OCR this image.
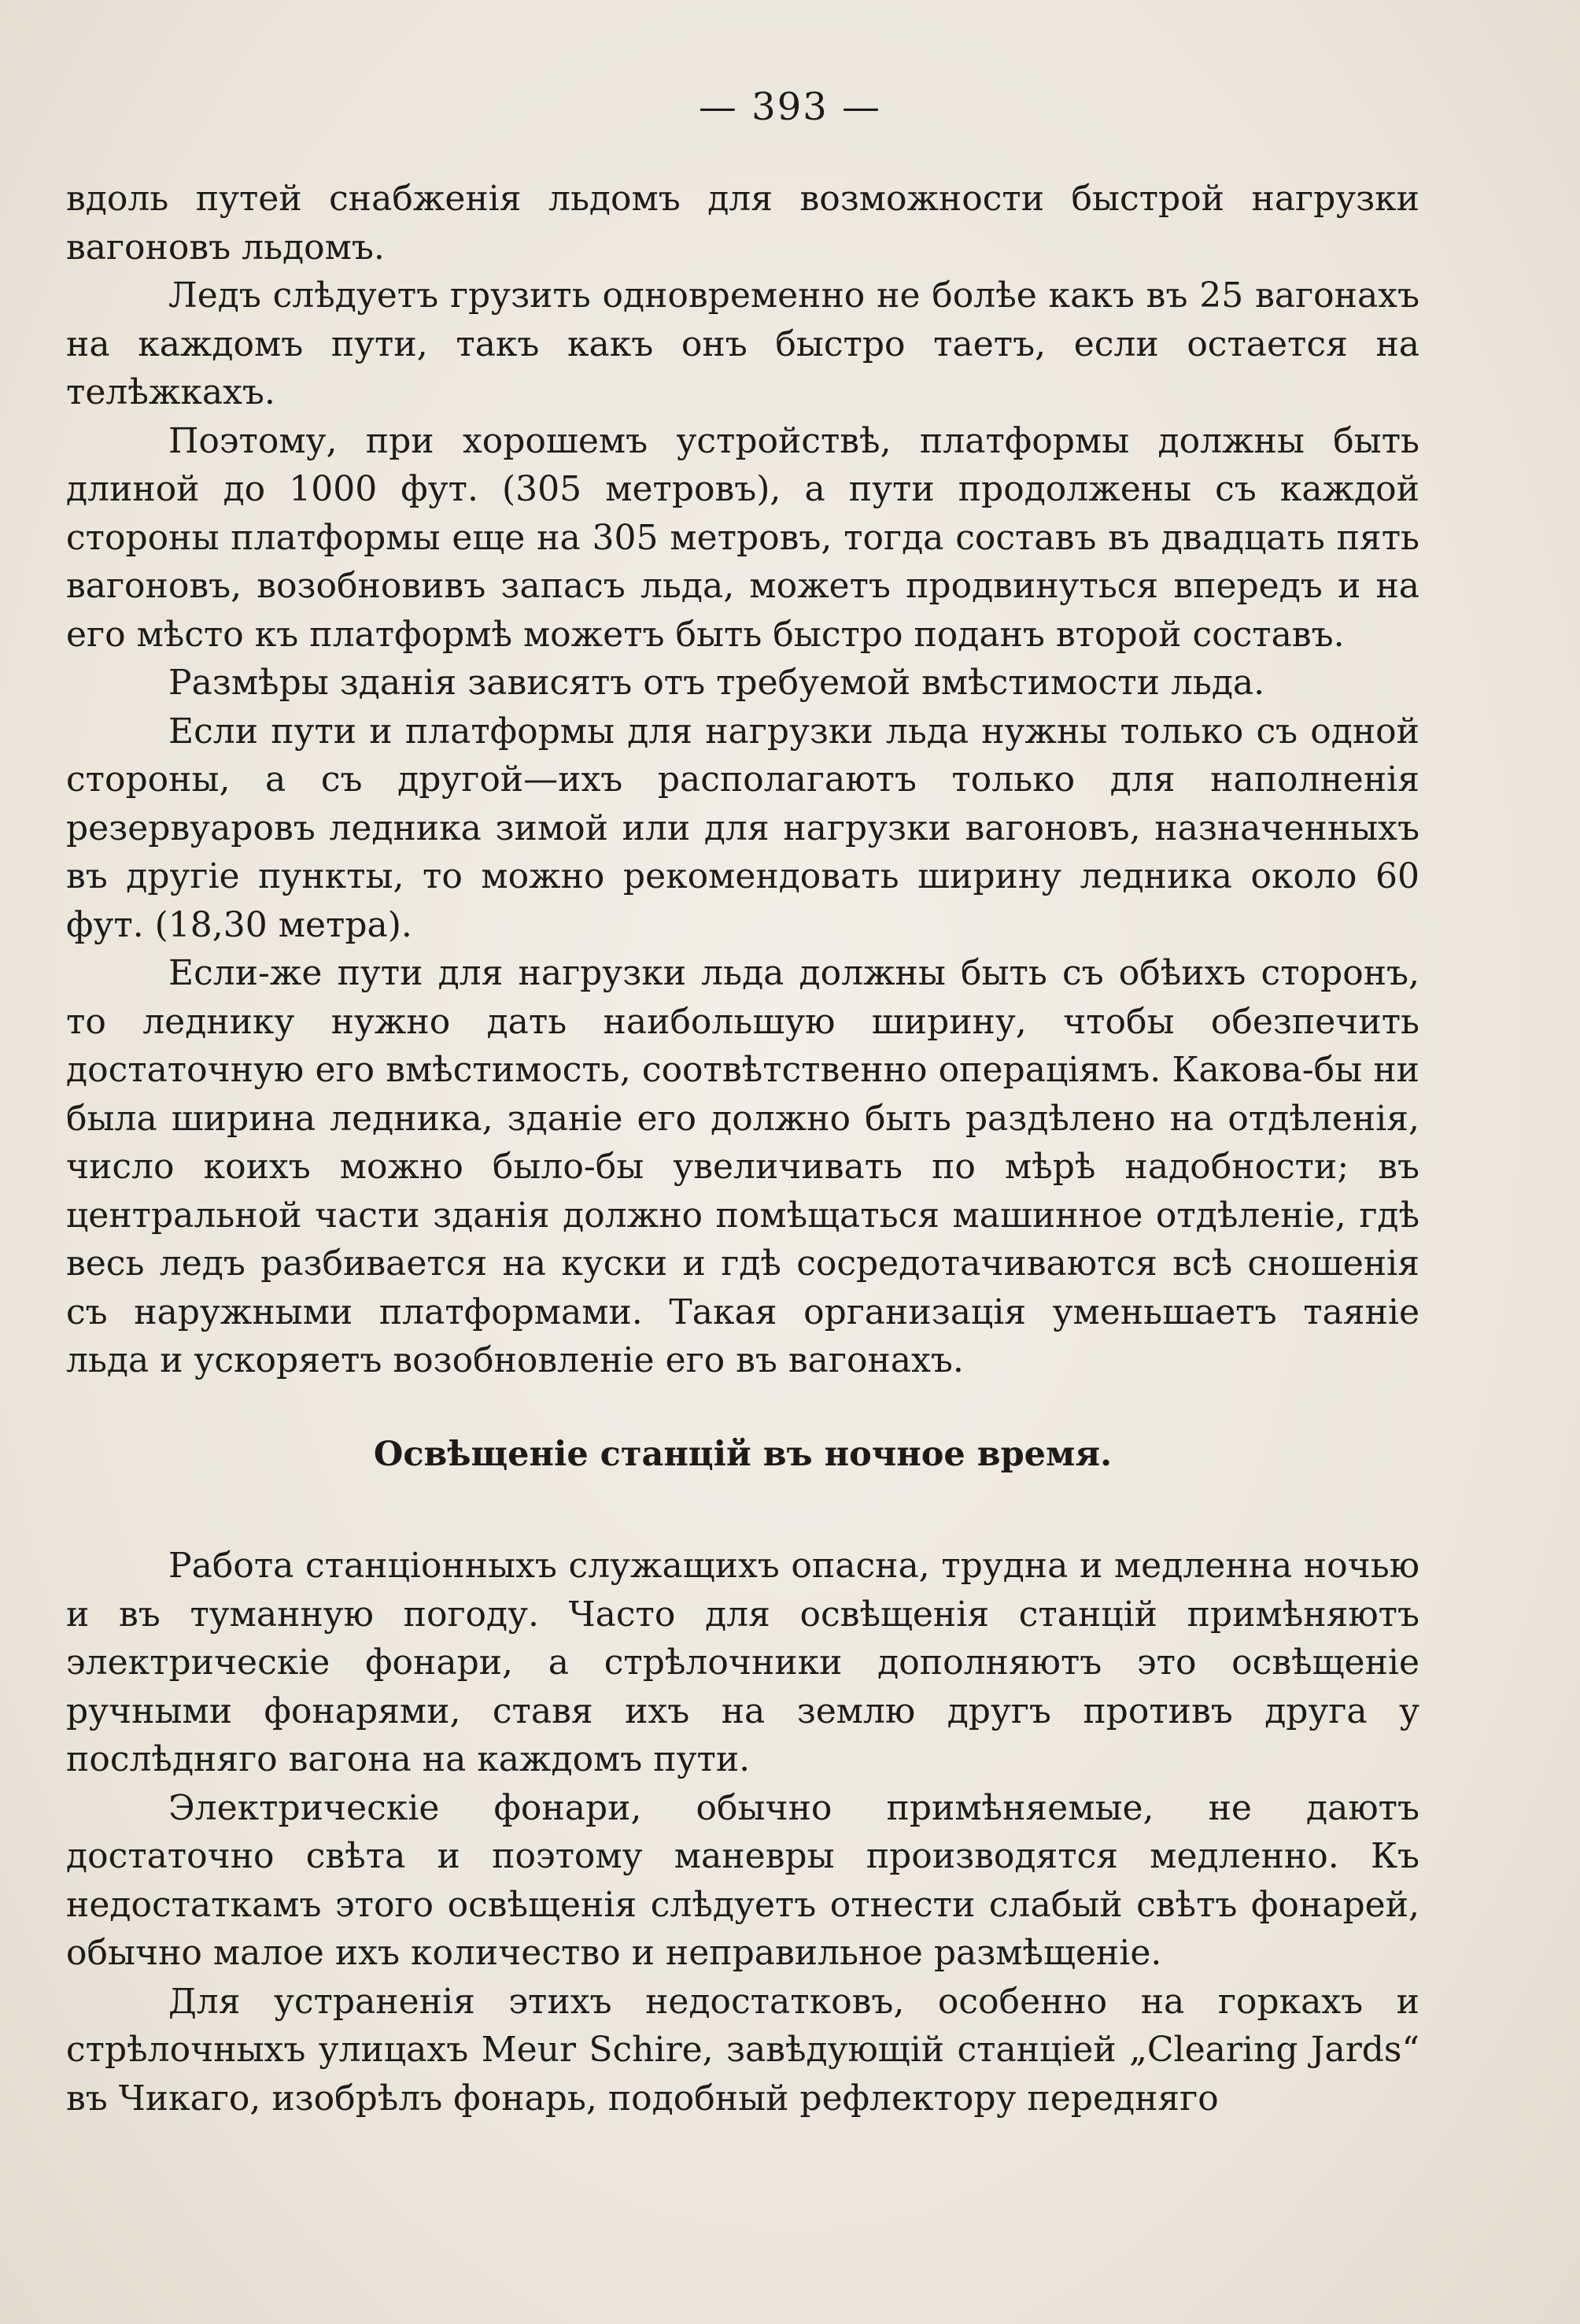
— 393 —

вдоль путей снабженія льдомъ для возможности быстрой нагрузки вагоновъ льдомъ.

Ледъ слѣдуетъ грузить одновременно не болѣе какъ въ 25 вагонахъ на каждомъ пути, такъ какъ онъ быстро таетъ, если остается на телѣжкахъ.

Поэтому, при хорошемъ устройствѣ, платформы должны быть длиной до 1000 фут. (305 метровъ), а пути продолжены съ каждой стороны платформы еще на 305 метровъ, тогда составъ въ двадцать пять вагоновъ, возобновивъ запасъ льда, можетъ продвинуться впередъ и на его мѣсто къ платформѣ можетъ быть быстро поданъ второй составъ.

Размѣры зданія зависятъ отъ требуемой вмѣстимости льда.

Если пути и платформы для нагрузки льда нужны только съ одной стороны, а съ другой—ихъ располагаютъ только для наполненія резервуаровъ ледника зимой или для нагрузки вагоновъ, назначенныхъ въ другіе пункты, то можно рекомендовать ширину ледника около 60 фут. (18,30 метра).

Если-же пути для нагрузки льда должны быть съ обѣихъ сторонъ, то леднику нужно дать наибольшую ширину, чтобы обезпечить достаточную его вмѣстимость, соотвѣтственно операціямъ. Какова-бы ни была ширина ледника, зданіе его должно быть раздѣлено на отдѣленія, число коихъ можно было-бы увеличивать по мѣрѣ надобности; въ центральной части зданія должно помѣщаться машинное отдѣленіе, гдѣ весь ледъ разбивается на куски и гдѣ сосредотачиваются всѣ сношенія съ наружными платформами. Такая организація уменьшаетъ таяніе льда и ускоряетъ возобновленіе его въ вагонахъ.

Освѣщеніе станцій въ ночное время.

Работа станціонныхъ служащихъ опасна, трудна и медленна ночью и въ туманную погоду. Часто для освѣщенія станцій примѣняютъ электрическіе фонари, а стрѣлочники дополняютъ это освѣщеніе ручными фонарями, ставя ихъ на землю другъ противъ друга у послѣдняго вагона на каждомъ пути.

Электрическіе фонари, обычно примѣняемые, не даютъ достаточно свѣта и поэтому маневры производятся медленно. Къ недостаткамъ этого освѣщенія слѣдуетъ отнести слабый свѣтъ фонарей, обычно малое ихъ количество и неправильное размѣщеніе.

Для устраненія этихъ недостатковъ, особенно на горкахъ и стрѣлочныхъ улицахъ Meur Schire, завѣдующій станціей „Clearing Jards“ въ Чикаго, изобрѣлъ фонарь, подобный рефлектору передняго
